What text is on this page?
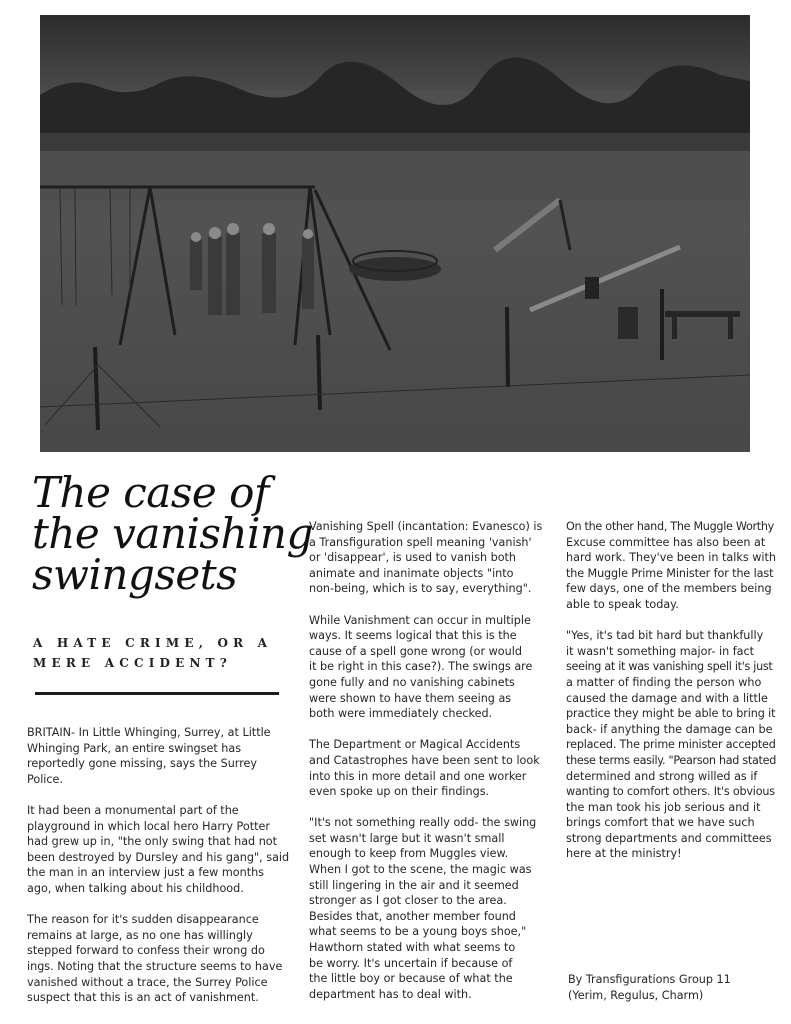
The case of
the vanishing
swingsets
A HATE CRIME, OR A
MERE ACCIDENT?

BRITAIN- In Little Whinging, Surrey, at Little
Whinging Park, an entire swingset has
reportedly gone missing, says the Surrey
Police.

It had been a monumental part of the
playground in which local hero Harry Potter
had grew up in, "the only swing that had not
been destroyed by Dursley and his gang", said
the man in an interview just a few months
ago, when talking about his childhood.

The reason for it's sudden disappearance
remains at large, as no one has willingly
stepped forward to confess their wrong do
ings. Noting that the structure seems to have
vanished without a trace, the Surrey Police
suspect that this is an act of vanishment.

Vanishing Spell (incantation: Evanesco) is
a Transfiguration spell meaning 'vanish'
or 'disappear', is used to vanish both
animate and inanimate objects "into
non-being, which is to say, everything".

While Vanishment can occur in multiple
ways. It seems logical that this is the
cause of a spell gone wrong (or would
it be right in this case?). The swings are
gone fully and no vanishing cabinets
were shown to have them seeing as
both were immediately checked.

The Department or Magical Accidents
and Catastrophes have been sent to look
into this in more detail and one worker
even spoke up on their findings.

"It's not something really odd- the swing
set wasn't large but it wasn't small
enough to keep from Muggles view.
When I got to the scene, the magic was
still lingering in the air and it seemed
stronger as I got closer to the area.
Besides that, another member found
what seems to be a young boys shoe,"
Hawthorn stated with what seems to
be worry. It's uncertain if because of
the little boy or because of what the
department has to deal with.

On the other hand, The Muggle Worthy
Excuse committee has also been at
hard work. They've been in talks with
the Muggle Prime Minister for the last
few days, one of the members being
able to speak today.

"Yes, it's tad bit hard but thankfully
it wasn't something major- in fact
seeing at it was vanishing spell it's just
a matter of finding the person who
caused the damage and with a little
practice they might be able to bring it
back- if anything the damage can be
replaced. The prime minister accepted
these terms easily. "Pearson had stated
determined and strong willed as if
wanting to comfort others. It's obvious
the man took his job serious and it
brings comfort that we have such
strong departments and committees
here at the ministry!

By Transfigurations Group 11
(Yerim, Regulus, Charm)
